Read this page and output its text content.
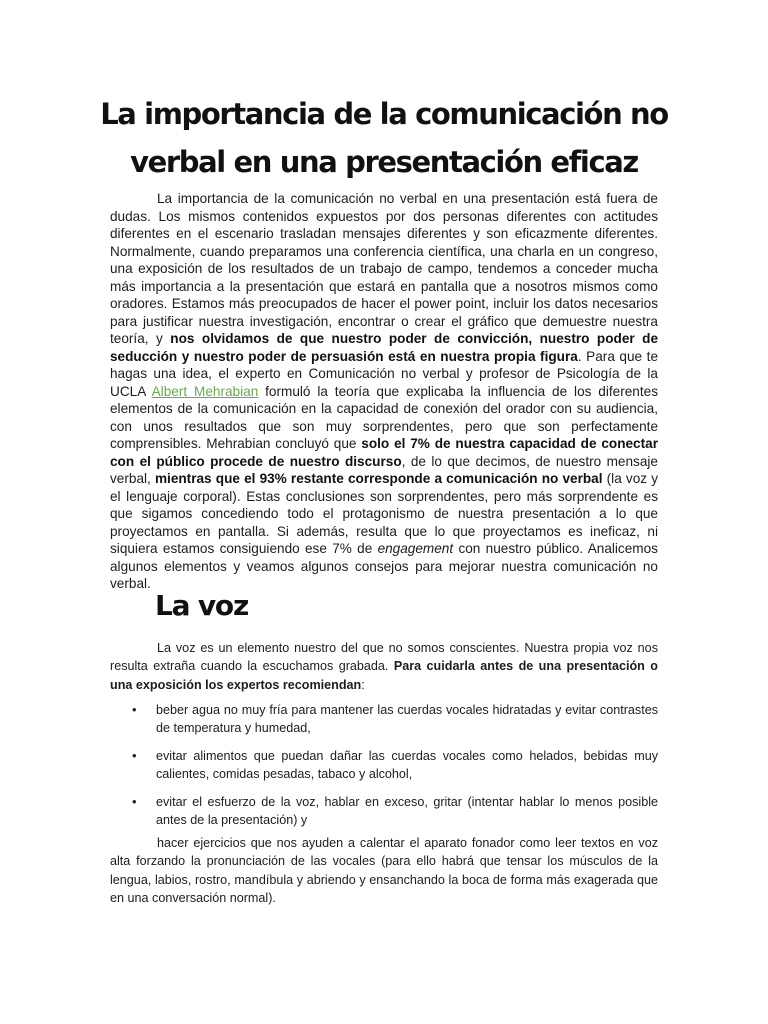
La importancia de la comunicación no verbal en una presentación eficaz

La importancia de la comunicación no verbal en una presentación está fuera de dudas. Los mismos contenidos expuestos por dos personas diferentes con actitudes diferentes en el escenario trasladan mensajes diferentes y son eficazmente diferentes. Normalmente, cuando preparamos una conferencia científica, una charla en un congreso, una exposición de los resultados de un trabajo de campo, tendemos a conceder mucha más importancia a la presentación que estará en pantalla que a nosotros mismos como oradores. Estamos más preocupados de hacer el power point, incluir los datos necesarios para justificar nuestra investigación, encontrar o crear el gráfico que demuestre nuestra teoría, y nos olvidamos de que nuestro poder de convicción, nuestro poder de seducción y nuestro poder de persuasión está en nuestra propia figura. Para que te hagas una idea, el experto en Comunicación no verbal y profesor de Psicología de la UCLA Albert Mehrabian formuló la teoría que explicaba la influencia de los diferentes elementos de la comunicación en la capacidad de conexión del orador con su audiencia, con unos resultados que son muy sorprendentes, pero que son perfectamente comprensibles. Mehrabian concluyó que solo el 7% de nuestra capacidad de conectar con el público procede de nuestro discurso, de lo que decimos, de nuestro mensaje verbal, mientras que el 93% restante corresponde a comunicación no verbal (la voz y el lenguaje corporal). Estas conclusiones son sorprendentes, pero más sorprendente es que sigamos concediendo todo el protagonismo de nuestra presentación a lo que proyectamos en pantalla. Si además, resulta que lo que proyectamos es ineficaz, ni siquiera estamos consiguiendo ese 7% de engagement con nuestro público. Analicemos algunos elementos y veamos algunos consejos para mejorar nuestra comunicación no verbal.

La voz

La voz es un elemento nuestro del que no somos conscientes. Nuestra propia voz nos resulta extraña cuando la escuchamos grabada. Para cuidarla antes de una presentación o una exposición los expertos recomiendan:

• beber agua no muy fría para mantener las cuerdas vocales hidratadas y evitar contrastes de temperatura y humedad,
• evitar alimentos que puedan dañar las cuerdas vocales como helados, bebidas muy calientes, comidas pesadas, tabaco y alcohol,
• evitar el esfuerzo de la voz, hablar en exceso, gritar (intentar hablar lo menos posible antes de la presentación) y

hacer ejercicios que nos ayuden a calentar el aparato fonador como leer textos en voz alta forzando la pronunciación de las vocales (para ello habrá que tensar los músculos de la lengua, labios, rostro, mandíbula y abriendo y ensanchando la boca de forma más exagerada que en una conversación normal).
